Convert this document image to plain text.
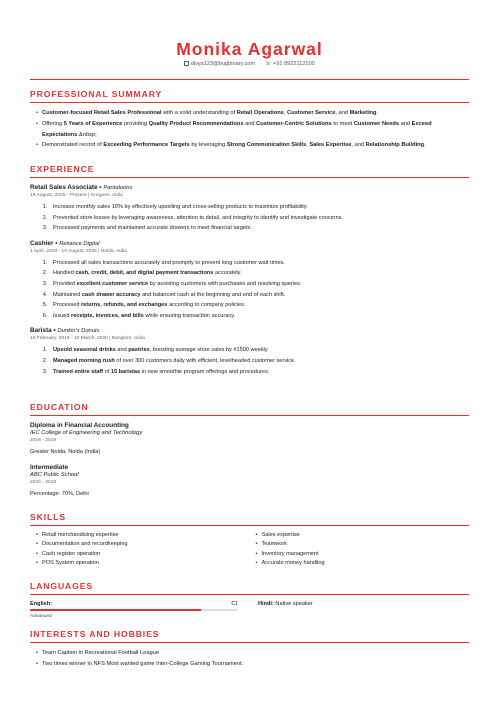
Monika Agarwal
divya123@bugbinary.com ☏ +91 8922112100
PROFESSIONAL SUMMARY
• Customer-focused Retail Sales Professional with a solid understanding of Retail Operations, Customer Service, and Marketing.
• Offering 5 Years of Experience providing Quality Product Recommendations and Customer-Centric Solutions to meet Customer Needs and Exceed Expectations.&nbsp;
• Demonstrated record of Exceeding Performance Targets by leveraging Strong Communication Skills, Sales Expertise, and Relationship Building.
EXPERIENCE
Retail Sales Associate • Pantaloons
19 August, 2025 - Present | Gurgaon, India
1. Increase monthly sales 10% by effectively upselling and cross-selling products to maximize profitability.
2. Prevented store losses by leveraging awareness, attention to detail, and integrity to identify and investigate concerns.
3. Processed payments and maintained accurate drawers to meet financial targets.
Cashier • Reliance Digital
1 April, 2020 - 10 August, 2025 | Noida, India
1. Processed all sales transactions accurately and promptly to prevent long customer wait times.
2. Handled cash, credit, debit, and digital payment transactions accurately.
3. Provided excellent customer service by assisting customers with purchases and resolving queries.
4. Maintained cash drawer accuracy and balanced cash at the beginning and end of each shift.
5. Processed returns, refunds, and exchanges according to company policies.
6. Issued receipts, invoices, and bills while ensuring transaction accuracy.
Barista • Dunkin's Donuts
10 February, 2019 - 10 March, 2020 | Banglore, India
1. Upsold seasonal drinks and pastries, boosting average store sales by #1500 weekly.
2. Managed morning rush of over 300 customers daily with efficient, levelheaded customer service.
3. Trained entire staff of 15 baristas in new smoothie program offerings and procedures.
EDUCATION
Diploma in Financial Accounting
IEC College of Engineering and Technology
2018 - 2019
Greater Noida, Noida (India)
Intermediate
ABC Public School
2015 - 2018
Percentage: 70%, Delhi
SKILLS
• Retail merchandising expertise
• Documentation and recordkeeping
• Cash register operation
• POS System operation
• Sales expertise
• Teamwork
• Inventory management
• Accurate money handling
LANGUAGES
English:	C1
Advanced
Hindi: Native speaker
INTERESTS AND HOBBIES
• Team Caption in Recreational Football League
• Two times winner in NFS Most wanted game Inter-College Gaming Tournament.
